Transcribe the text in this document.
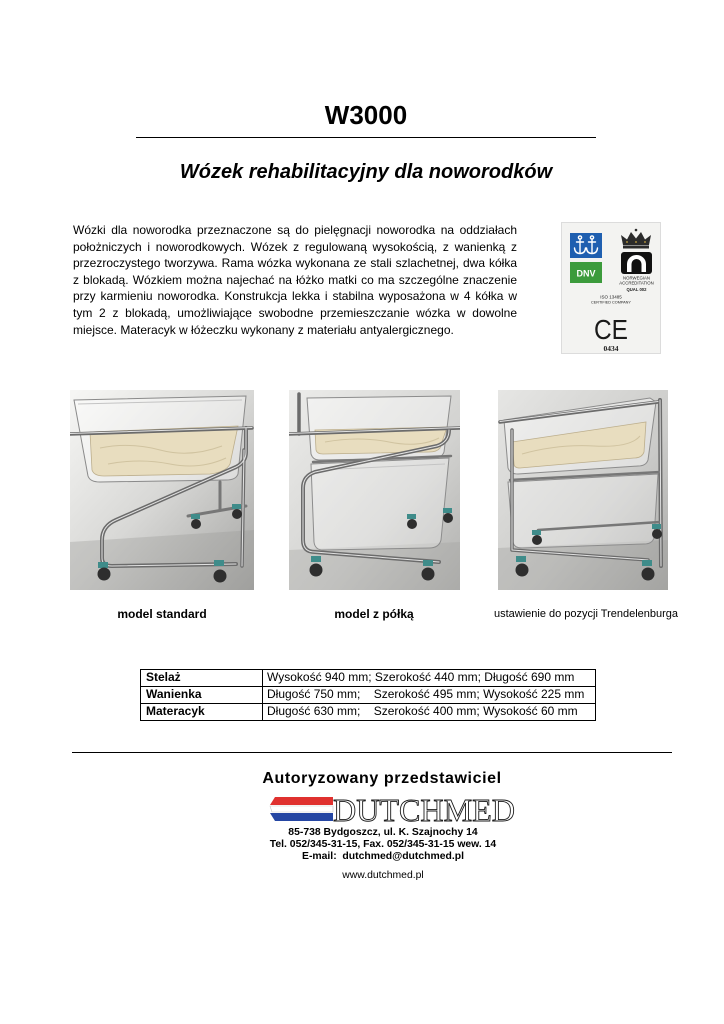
W3000
Wózek rehabilitacyjny dla noworodków
Wózki dla noworodka przeznaczone są do pielęgnacji noworodka na oddziałach
położniczych i noworodkowych. Wózek z regulowaną wysokością, z wanienką z
przezroczystego tworzywa. Rama wózka wykonana ze stali szlachetnej, dwa kółka
z blokadą. Wózkiem można najechać na łóżko matki co ma szczególne znaczenie
przy karmieniu noworodka. Konstrukcja lekka i stabilna wyposażona w 4 kółka w
tym 2 z blokadą, umożliwiające swobodne przemieszczanie wózka w dowolne
miejsce. Materacyk w łóżeczku wykonany z materiału antyalergicznego.
DNV	NORWEGIAN
ACCREDITATION
QUAL 002
ISO 13485
CERTIFIED COMPANY
CE
0434
model standard	model z półką	ustawienie do pozycji Trendelenburga
Stelaż	Wysokość 940 mm; Szerokość 440 mm; Długość 690 mm
Wanienka	Długość 750 mm;    Szerokość 495 mm; Wysokość 225 mm
Materacyk	Długość 630 mm;    Szerokość 400 mm; Wysokość 60 mm
Autoryzowany przedstawiciel
DUTCHMED
85-738 Bydgoszcz, ul. K. Szajnochy 14
Tel. 052/345-31-15, Fax. 052/345-31-15 wew. 14
E-mail:  dutchmed@dutchmed.pl
www.dutchmed.pl
